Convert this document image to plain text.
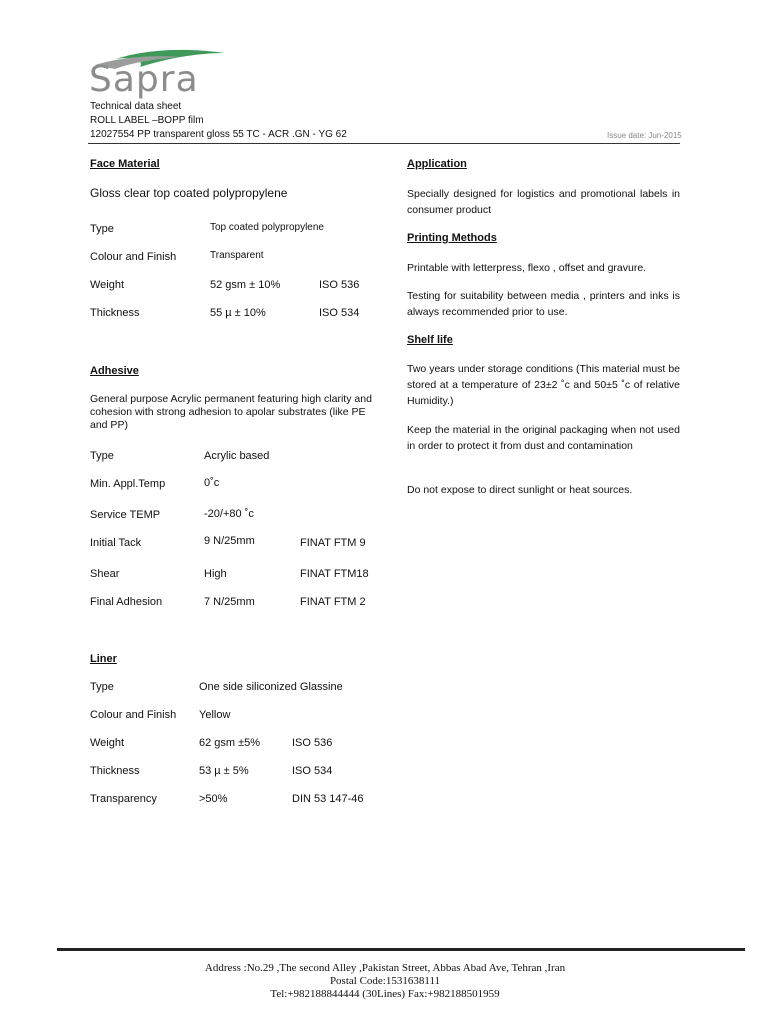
Sapra
Technical data sheet
ROLL LABEL –BOPP film
12027554 PP transparent gloss 55 TC - ACR .GN - YG 62	Issue date: Jun-2015
Face Material
Gloss clear top coated polypropylene
Type	Top coated polypropylene
Colour and Finish	Transparent
Weight	52 gsm ± 10%	ISO 536
Thickness	55 µ ± 10%	ISO 534
Adhesive
General purpose Acrylic permanent featuring high clarity and cohesion with strong adhesion to apolar substrates (like PE and PP)
Type	Acrylic based
Min. Appl.Temp	0˚c
Service TEMP	-20/+80 ˚c
Initial Tack	9 N/25mm	FINAT FTM 9
Shear	High	FINAT FTM18
Final Adhesion	7 N/25mm	FINAT FTM 2
Liner
Type	One side siliconized Glassine
Colour and Finish Yellow
Weight	62 gsm ±5%	ISO 536
Thickness	53 µ ± 5%	ISO 534
Transparency	>50%	DIN 53 147-46
Application
Specially designed for logistics and promotional labels in consumer product
Printing Methods
Printable with letterpress, flexo , offset and gravure.
Testing for suitability between media , printers and inks is always recommended prior to use.
Shelf life
Two years under storage conditions (This material must be stored at a temperature of 23±2 ˚c and 50±5 ˚c of relative Humidity.)
Keep the material in the original packaging when not used in order to protect it from dust and contamination
Do not expose to direct sunlight or heat sources.
Address :No.29 ,The second Alley ,Pakistan Street, Abbas Abad Ave, Tehran ,Iran
Postal Code:1531638111
Tel:+982188844444 (30Lines) Fax:+982188501959
